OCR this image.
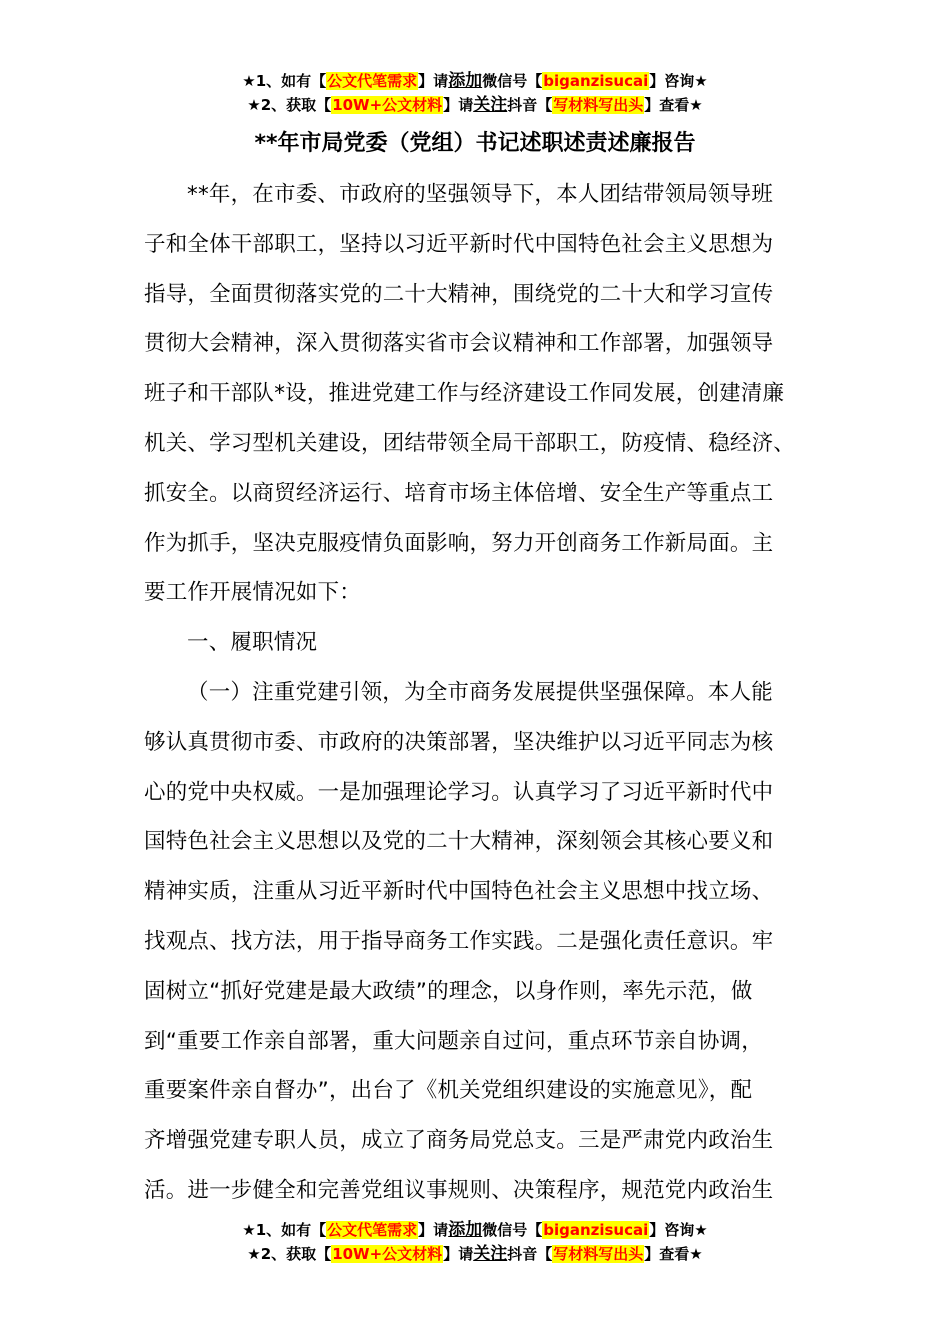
★1、如有【公文代笔需求】请添加微信号【biganzisucai】咨询★
★2、获取【10W+公文材料】请关注抖音【写材料写出头】查看★
**年市局党委（党组）书记述职述责述廉报告
**年，在市委、市政府的坚强领导下，本人团结带领局领导班
子和全体干部职工，坚持以习近平新时代中国特色社会主义思想为
指导，全面贯彻落实党的二十大精神，围绕党的二十大和学习宣传
贯彻大会精神，深入贯彻落实省市会议精神和工作部署，加强领导
班子和干部队*设，推进党建工作与经济建设工作同发展，创建清廉
机关、学习型机关建设，团结带领全局干部职工，防疫情、稳经济、
抓安全。以商贸经济运行、培育市场主体倍增、安全生产等重点工
作为抓手，坚决克服疫情负面影响，努力开创商务工作新局面。主
要工作开展情况如下：
一、履职情况
（一）注重党建引领，为全市商务发展提供坚强保障。本人能
够认真贯彻市委、市政府的决策部署，坚决维护以习近平同志为核
心的党中央权威。一是加强理论学习。认真学习了习近平新时代中
国特色社会主义思想以及党的二十大精神，深刻领会其核心要义和
精神实质，注重从习近平新时代中国特色社会主义思想中找立场、
找观点、找方法，用于指导商务工作实践。二是强化责任意识。牢
固树立“抓好党建是最大政绩”的理念，以身作则，率先示范，做
到“重要工作亲自部署，重大问题亲自过问，重点环节亲自协调，
重要案件亲自督办”，出台了《机关党组织建设的实施意见》，配
齐增强党建专职人员，成立了商务局党总支。三是严肃党内政治生
活。进一步健全和完善党组议事规则、决策程序，规范党内政治生
★1、如有【公文代笔需求】请添加微信号【biganzisucai】咨询★
★2、获取【10W+公文材料】请关注抖音【写材料写出头】查看★
